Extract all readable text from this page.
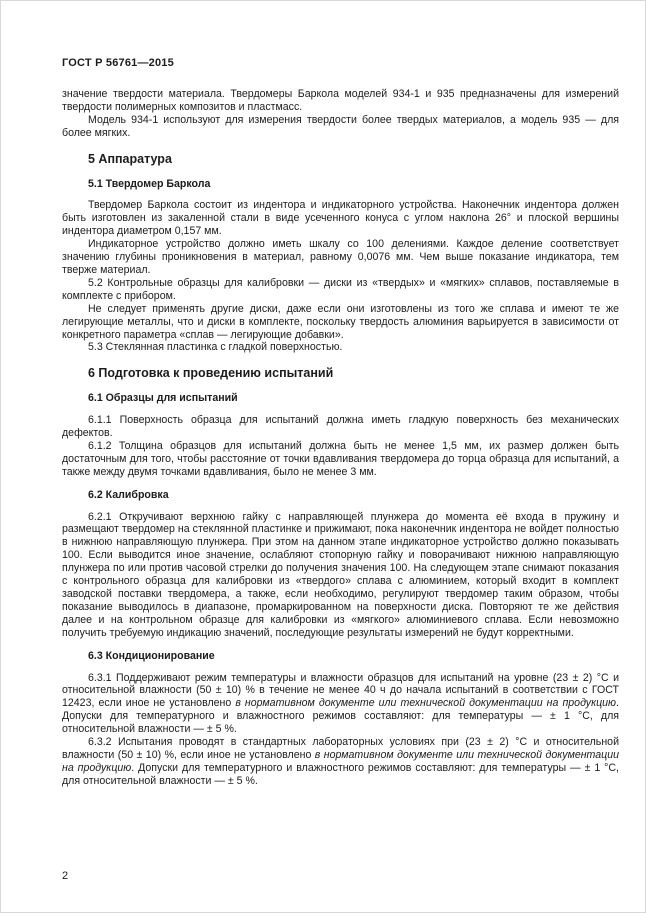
ГОСТ Р 56761—2015

значение твердости материала. Твердомеры Баркола моделей 934-1 и 935 предназначены для измерений твердости полимерных композитов и пластмасс.

Модель 934-1 используют для измерения твердости более твердых материалов, а модель 935 — для более мягких.

5 Аппаратура
5.1 Твердомер Баркола

Твердомер Баркола состоит из индентора и индикаторного устройства. Наконечник индентора должен быть изготовлен из закаленной стали в виде усеченного конуса с углом наклона 26° и плоской вершины индентора диаметром 0,157 мм.

Индикаторное устройство должно иметь шкалу со 100 делениями. Каждое деление соответствует значению глубины проникновения в материал, равному 0,0076 мм. Чем выше показание индикатора, тем тверже материал.

5.2 Контрольные образцы для калибровки — диски из «твердых» и «мягких» сплавов, поставляемые в комплекте с прибором.

Не следует применять другие диски, даже если они изготовлены из того же сплава и имеют те же легирующие металлы, что и диски в комплекте, поскольку твердость алюминия варьируется в зависимости от конкретного параметра «сплав — легирующие добавки».

5.3 Стеклянная пластинка с гладкой поверхностью.

6 Подготовка к проведению испытаний
6.1 Образцы для испытаний

6.1.1 Поверхность образца для испытаний должна иметь гладкую поверхность без механических дефектов.

6.1.2 Толщина образцов для испытаний должна быть не менее 1,5 мм, их размер должен быть достаточным для того, чтобы расстояние от точки вдавливания твердомера до торца образца для испытаний, а также между двумя точками вдавливания, было не менее 3 мм.

6.2 Калибровка

6.2.1 Откручивают верхнюю гайку с направляющей плунжера до момента её входа в пружину и размещают твердомер на стеклянной пластинке и прижимают, пока наконечник индентора не войдет полностью в нижнюю направляющую плунжера. При этом на данном этапе индикаторное устройство должно показывать 100. Если выводится иное значение, ослабляют стопорную гайку и поворачивают нижнюю направляющую плунжера по или против часовой стрелки до получения значения 100. На следующем этапе снимают показания с контрольного образца для калибровки из «твердого» сплава с алюминием, который входит в комплект заводской поставки твердомера, а также, если необходимо, регулируют твердомер таким образом, чтобы показание выводилось в диапазоне, промаркированном на поверхности диска. Повторяют те же действия далее и на контрольном образце для калибровки из «мягкого» алюминиевого сплава. Если невозможно получить требуемую индикацию значений, последующие результаты измерений не будут корректными.

6.3 Кондиционирование

6.3.1 Поддерживают режим температуры и влажности образцов для испытаний на уровне (23 ± 2) °С и относительной влажности (50 ± 10) % в течение не менее 40 ч до начала испытаний в соответствии с ГОСТ 12423, если иное не установлено в нормативном документе или технической документации на продукцию. Допуски для температурного и влажностного режимов составляют: для температуры — ± 1 °С, для относительной влажности — ± 5 %.

6.3.2 Испытания проводят в стандартных лабораторных условиях при (23 ± 2) °С и относительной влажности (50 ± 10) %, если иное не установлено в нормативном документе или технической документации на продукцию. Допуски для температурного и влажностного режимов составляют: для температуры — ± 1 °С, для относительной влажности — ± 5 %.

2
